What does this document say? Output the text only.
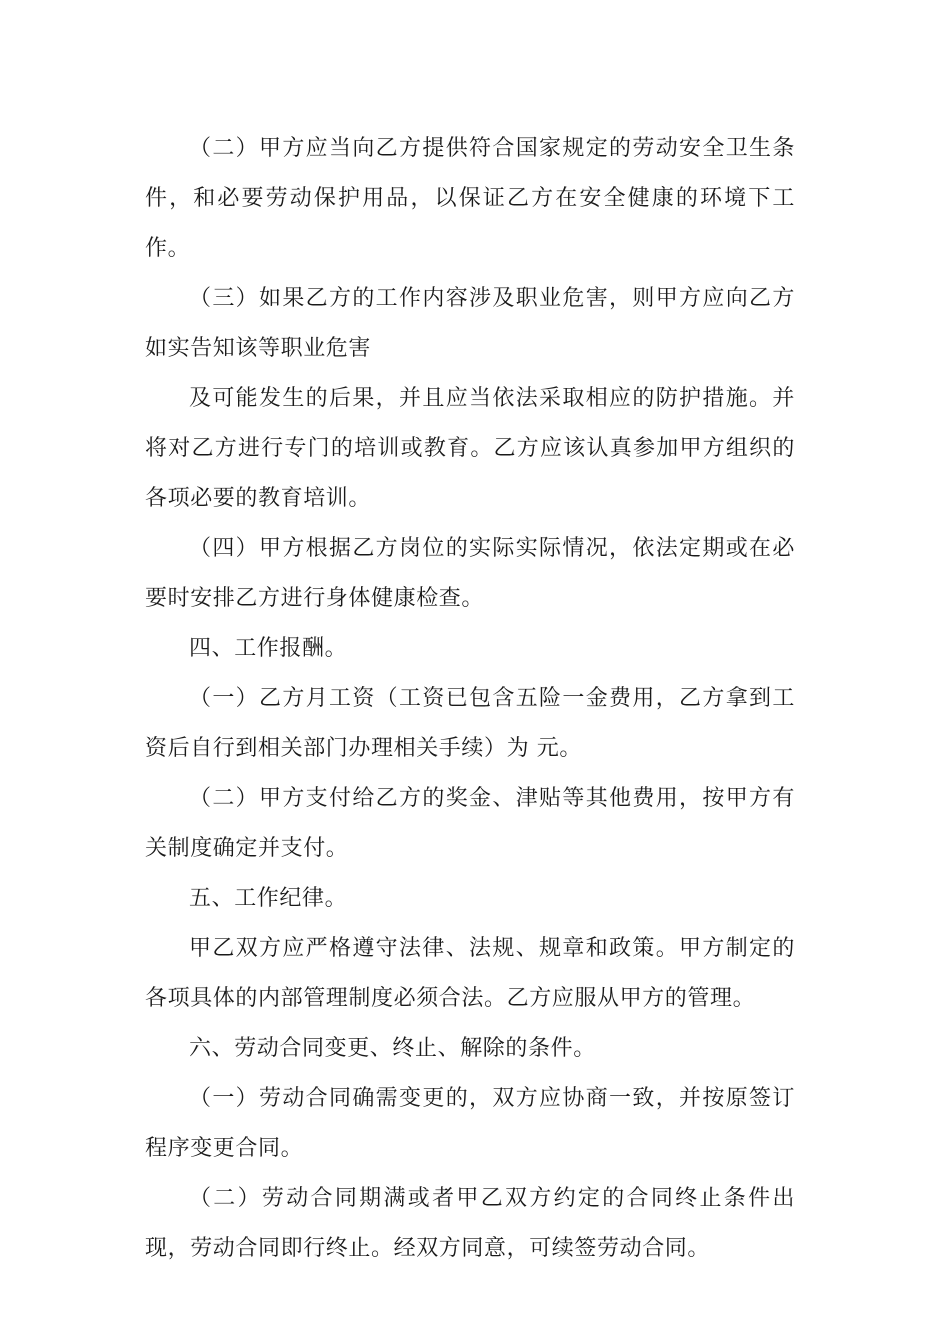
（二）甲方应当向乙方提供符合国家规定的劳动安全卫生条件，和必要劳动保护用品，以保证乙方在安全健康的环境下工作。

（三）如果乙方的工作内容涉及职业危害，则甲方应向乙方如实告知该等职业危害

及可能发生的后果，并且应当依法采取相应的防护措施。并将对乙方进行专门的培训或教育。乙方应该认真参加甲方组织的各项必要的教育培训。

（四）甲方根据乙方岗位的实际实际情况，依法定期或在必要时安排乙方进行身体健康检查。

四、工作报酬。

（一）乙方月工资（工资已包含五险一金费用，乙方拿到工资后自行到相关部门办理相关手续）为 元。

（二）甲方支付给乙方的奖金、津贴等其他费用，按甲方有关制度确定并支付。

五、工作纪律。

甲乙双方应严格遵守法律、法规、规章和政策。甲方制定的各项具体的内部管理制度必须合法。乙方应服从甲方的管理。

六、劳动合同变更、终止、解除的条件。

（一）劳动合同确需变更的，双方应协商一致，并按原签订程序变更合同。

（二）劳动合同期满或者甲乙双方约定的合同终止条件出现，劳动合同即行终止。经双方同意，可续签劳动合同。
